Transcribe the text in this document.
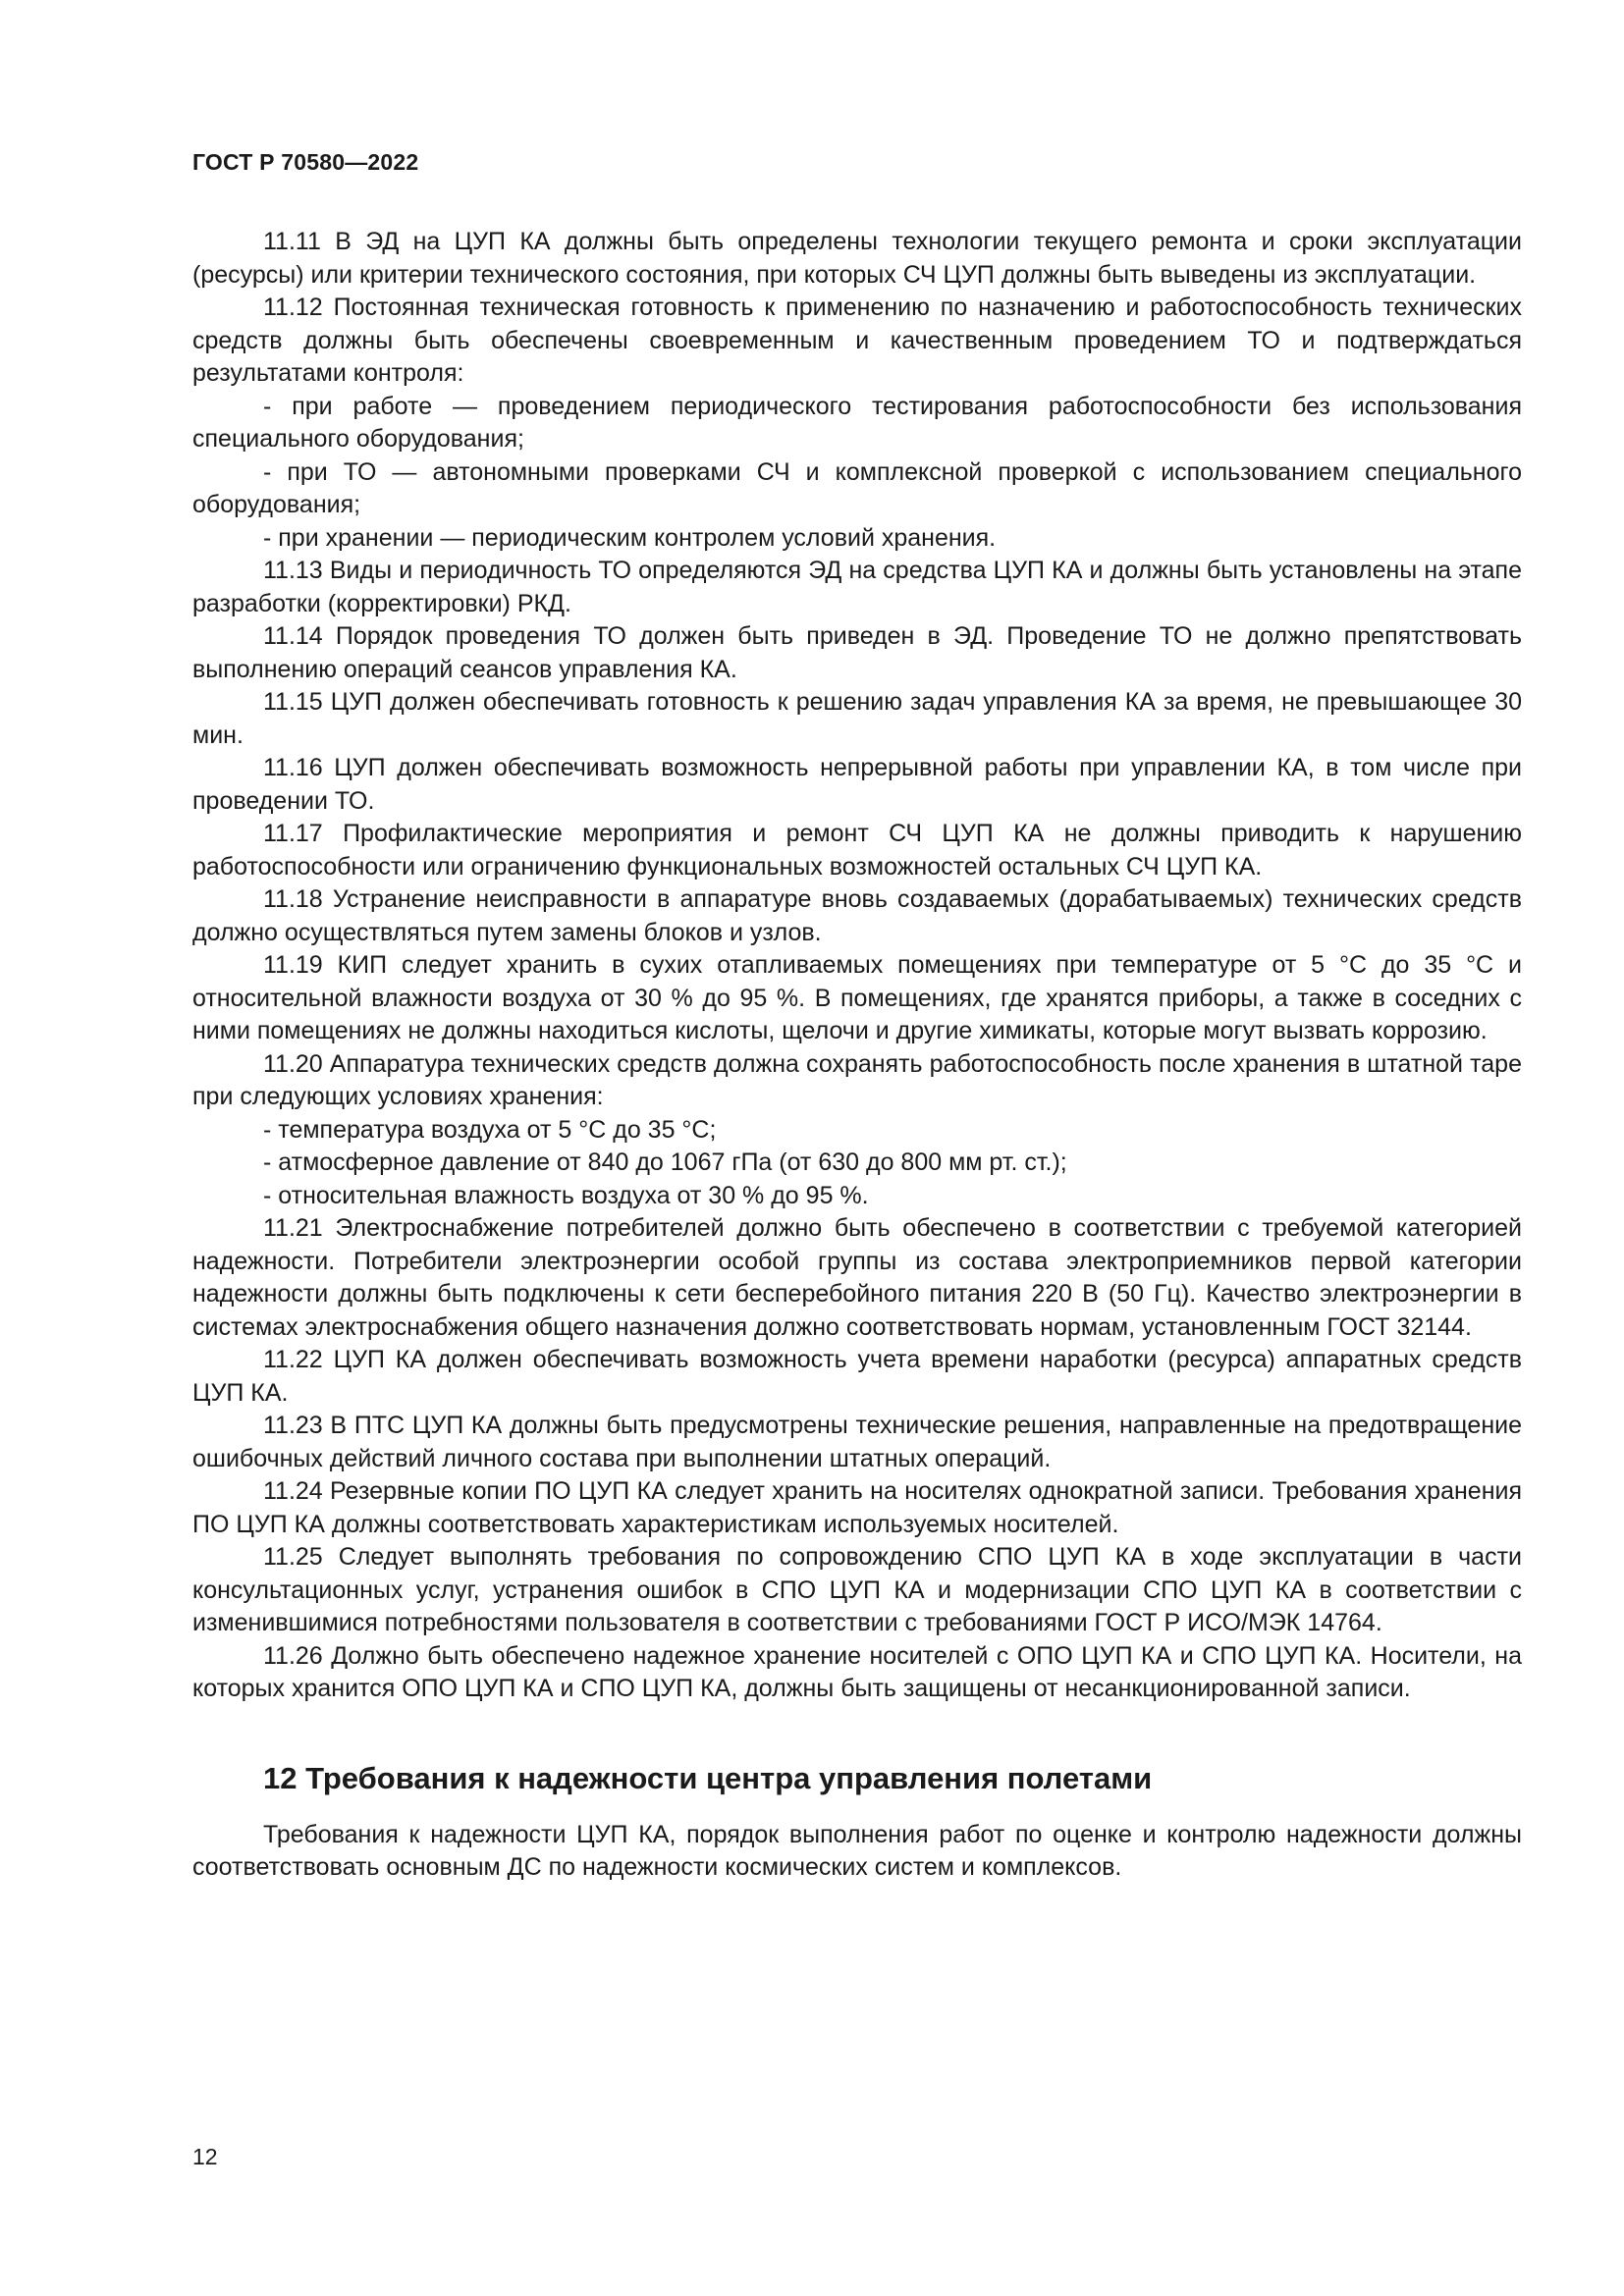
ГОСТ Р 70580—2022

11.11 В ЭД на ЦУП КА должны быть определены технологии текущего ремонта и сроки эксплуатации (ресурсы) или критерии технического состояния, при которых СЧ ЦУП должны быть выведены из эксплуатации.

11.12 Постоянная техническая готовность к применению по назначению и работоспособность технических средств должны быть обеспечены своевременным и качественным проведением ТО и подтверждаться результатами контроля:

- при работе — проведением периодического тестирования работоспособности без использования специального оборудования;

- при ТО — автономными проверками СЧ и комплексной проверкой с использованием специального оборудования;

- при хранении — периодическим контролем условий хранения.

11.13 Виды и периодичность ТО определяются ЭД на средства ЦУП КА и должны быть установлены на этапе разработки (корректировки) РКД.

11.14 Порядок проведения ТО должен быть приведен в ЭД. Проведение ТО не должно препятствовать выполнению операций сеансов управления КА.

11.15 ЦУП должен обеспечивать готовность к решению задач управления КА за время, не превышающее 30 мин.

11.16 ЦУП должен обеспечивать возможность непрерывной работы при управлении КА, в том числе при проведении ТО.

11.17 Профилактические мероприятия и ремонт СЧ ЦУП КА не должны приводить к нарушению работоспособности или ограничению функциональных возможностей остальных СЧ ЦУП КА.

11.18 Устранение неисправности в аппаратуре вновь создаваемых (дорабатываемых) технических средств должно осуществляться путем замены блоков и узлов.

11.19 КИП следует хранить в сухих отапливаемых помещениях при температуре от 5 °С до 35 °С и относительной влажности воздуха от 30 % до 95 %. В помещениях, где хранятся приборы, а также в соседних с ними помещениях не должны находиться кислоты, щелочи и другие химикаты, которые могут вызвать коррозию.

11.20 Аппаратура технических средств должна сохранять работоспособность после хранения в штатной таре при следующих условиях хранения:

- температура воздуха от 5 °С до 35 °С;

- атмосферное давление от 840 до 1067 гПа (от 630 до 800 мм рт. ст.);

- относительная влажность воздуха от 30 % до 95 %.

11.21 Электроснабжение потребителей должно быть обеспечено в соответствии с требуемой категорией надежности. Потребители электроэнергии особой группы из состава электроприемников первой категории надежности должны быть подключены к сети бесперебойного питания 220 В (50 Гц). Качество электроэнергии в системах электроснабжения общего назначения должно соответствовать нормам, установленным ГОСТ 32144.

11.22 ЦУП КА должен обеспечивать возможность учета времени наработки (ресурса) аппаратных средств ЦУП КА.

11.23 В ПТС ЦУП КА должны быть предусмотрены технические решения, направленные на предотвращение ошибочных действий личного состава при выполнении штатных операций.

11.24 Резервные копии ПО ЦУП КА следует хранить на носителях однократной записи. Требования хранения ПО ЦУП КА должны соответствовать характеристикам используемых носителей.

11.25 Следует выполнять требования по сопровождению СПО ЦУП КА в ходе эксплуатации в части консультационных услуг, устранения ошибок в СПО ЦУП КА и модернизации СПО ЦУП КА в соответствии с изменившимися потребностями пользователя в соответствии с требованиями ГОСТ Р ИСО/МЭК 14764.

11.26 Должно быть обеспечено надежное хранение носителей с ОПО ЦУП КА и СПО ЦУП КА. Носители, на которых хранится ОПО ЦУП КА и СПО ЦУП КА, должны быть защищены от несанкционированной записи.

12 Требования к надежности центра управления полетами

Требования к надежности ЦУП КА, порядок выполнения работ по оценке и контролю надежности должны соответствовать основным ДС по надежности космических систем и комплексов.

12
